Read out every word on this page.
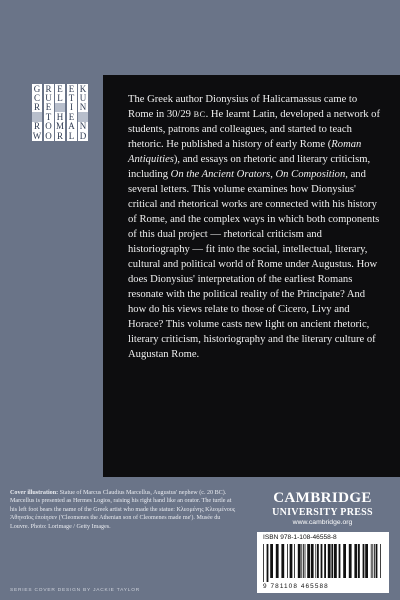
G R E E K
C U L T U
R E	I N
T H E
R O M A N
W O R L D

The Greek author Dionysius of Halicarnassus came to Rome in 30/29 BC. He learnt Latin, developed a network of students, patrons and colleagues, and started to teach rhetoric. He published a history of early Rome (Roman Antiquities), and essays on rhetoric and literary criticism, including On the Ancient Orators, On Composition, and several letters. This volume examines how Dionysius' critical and rhetorical works are connected with his history of Rome, and the complex ways in which both components of this dual project — rhetorical criticism and historiography — fit into the social, intellectual, literary, cultural and political world of Rome under Augustus. How does Dionysius' interpretation of the earliest Romans resonate with the political reality of the Principate? And how do his views relate to those of Cicero, Livy and Horace? This volume casts new light on ancient rhetoric, literary criticism, historiography and the literary culture of Augustan Rome.

Cover illustration: Statue of Marcus Claudius Marcellus, Augustus' nephew (c. 20 BC). Marcellus is presented as Hermes Logios, raising his right hand like an orator. The turtle at his left foot bears the name of the Greek artist who made the statue: Κλεομένης Κλεομένους Ἀθηναῖος ἐποίησεν ('Cleomenes the Athenian son of Cleomenes made me'). Musée du Louvre. Photo: Lorimage / Getty Images.

SERIES COVER DESIGN BY JACKIE TAYLOR
CAMBRIDGE
UNIVERSITY PRESS
www.cambridge.org
ISBN 978-1-108-46558-8
9 781108 465588
